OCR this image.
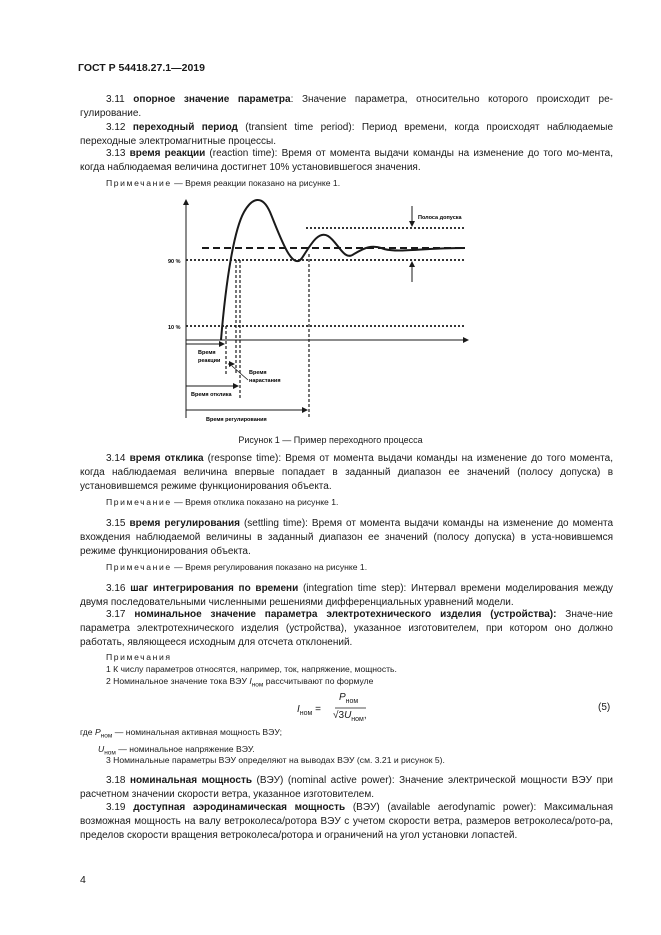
ГОСТ Р 54418.27.1—2019
3.11 опорное значение параметра: Значение параметра, относительно которого происходит ре-гулирование.
3.12 переходный период (transient time period): Период времени, когда происходят наблюдаемые переходные электромагнитные процессы.
3.13 время реакции (reaction time): Время от момента выдачи команды на изменение до того мо-мента, когда наблюдаемая величина достигнет 10% установившегося значения.
Примечание — Время реакции показано на рисунке 1.
Полоса допуска
90 %
10 %
Время
реакции
Время
нарастания
Время отклика
Время регулирования
Рисунок 1 — Пример переходного процесса
3.14 время отклика (response time): Время от момента выдачи команды на изменение до того момента, когда наблюдаемая величина впервые попадает в заданный диапазон ее значений (полосу допуска) в установившемся режиме функционирования объекта.
Примечание — Время отклика показано на рисунке 1.
3.15 время регулирования (settling time): Время от момента выдачи команды на изменение до момента вхождения наблюдаемой величины в заданный диапазон ее значений (полосу допуска) в уста-новившемся режиме функционирования объекта.
Примечание — Время регулирования показано на рисунке 1.
3.16 шаг интегрирования по времени (integration time step): Интервал времени моделирования между двумя последовательными численными решениями дифференциальных уравнений модели.
3.17 номинальное значение параметра электротехнического изделия (устройства): Значе-ние параметра электротехнического изделия (устройства), указанное изготовителем, при котором оно должно работать, являющееся исходным для отсчета отклонений.
Примечания
1 К числу параметров относятся, например, ток, напряжение, мощность.
2 Номинальное значение тока ВЭУ $I_{ном}$ рассчитывают по формуле
$I_{ном}$ =
$P_{ном}$
$√3U_{ном}$,
(5)
где $P_{ном}$ — номинальная активная мощность ВЭУ;
$U_{ном}$ — номинальное напряжение ВЭУ.
3 Номинальные параметры ВЭУ определяют на выводах ВЭУ (см. 3.21 и рисунок 5).
3.18 номинальная мощность (ВЭУ) (nominal active power): Значение электрической мощности ВЭУ при расчетном значении скорости ветра, указанное изготовителем.
3.19 доступная аэродинамическая мощность (ВЭУ) (available aerodynamic power): Максимальная возможная мощность на валу ветроколеса/ротора ВЭУ с учетом скорости ветра, размеров ветроколеса/рото-ра, пределов скорости вращения ветроколеса/ротора и ограничений на угол установки лопастей.
4
